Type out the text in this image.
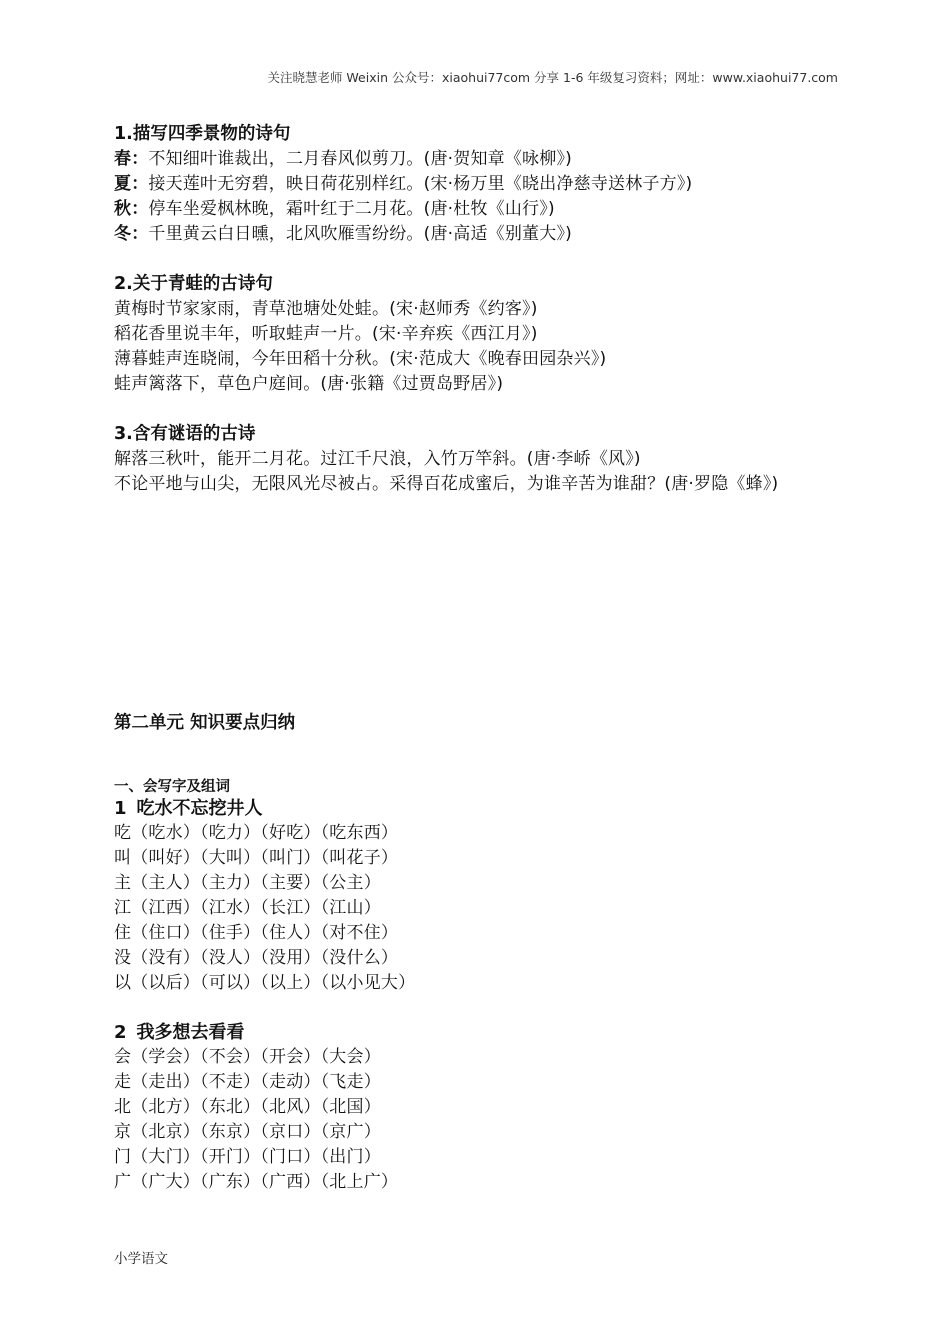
关注晓慧老师 Weixin 公众号：xiaohui77com 分享 1-6 年级复习资料；网址：www.xiaohui77.com

1.描写四季景物的诗句

春：不知细叶谁裁出，二月春风似剪刀。(唐·贺知章《咏柳》)

夏：接天莲叶无穷碧，映日荷花别样红。(宋·杨万里《晓出净慈寺送林子方》)

秋：停车坐爱枫林晚，霜叶红于二月花。(唐·杜牧《山行》)

冬：千里黄云白日曛，北风吹雁雪纷纷。(唐·高适《别董大》)

2.关于青蛙的古诗句

黄梅时节家家雨，青草池塘处处蛙。(宋·赵师秀《约客》)

稻花香里说丰年，听取蛙声一片。(宋·辛弃疾《西江月》)

薄暮蛙声连晓闹，今年田稻十分秋。(宋·范成大《晚春田园杂兴》)

蛙声篱落下，草色户庭间。(唐·张籍《过贾岛野居》)

3.含有谜语的古诗

解落三秋叶，能开二月花。过江千尺浪，入竹万竿斜。(唐·李峤《风》)

不论平地与山尖，无限风光尽被占。采得百花成蜜后，为谁辛苦为谁甜？(唐·罗隐《蜂》)

第二单元 知识要点归纳
一、会写字及组词

1 吃水不忘挖井人

吃（吃水）（吃力）（好吃）（吃东西）

叫（叫好）（大叫）（叫门）（叫花子）

主（主人）（主力）（主要）（公主）

江（江西）（江水）（长江）（江山）

住（住口）（住手）（住人）（对不住）

没（没有）（没人）（没用）（没什么）

以（以后）（可以）（以上）（以小见大）

2 我多想去看看

会（学会）（不会）（开会）（大会）

走（走出）（不走）（走动）（飞走）

北（北方）（东北）（北风）（北国）

京（北京）（东京）（京口）（京广）

门（大门）（开门）（门口）（出门）

广（广大）（广东）（广西）（北上广）

小学语文
